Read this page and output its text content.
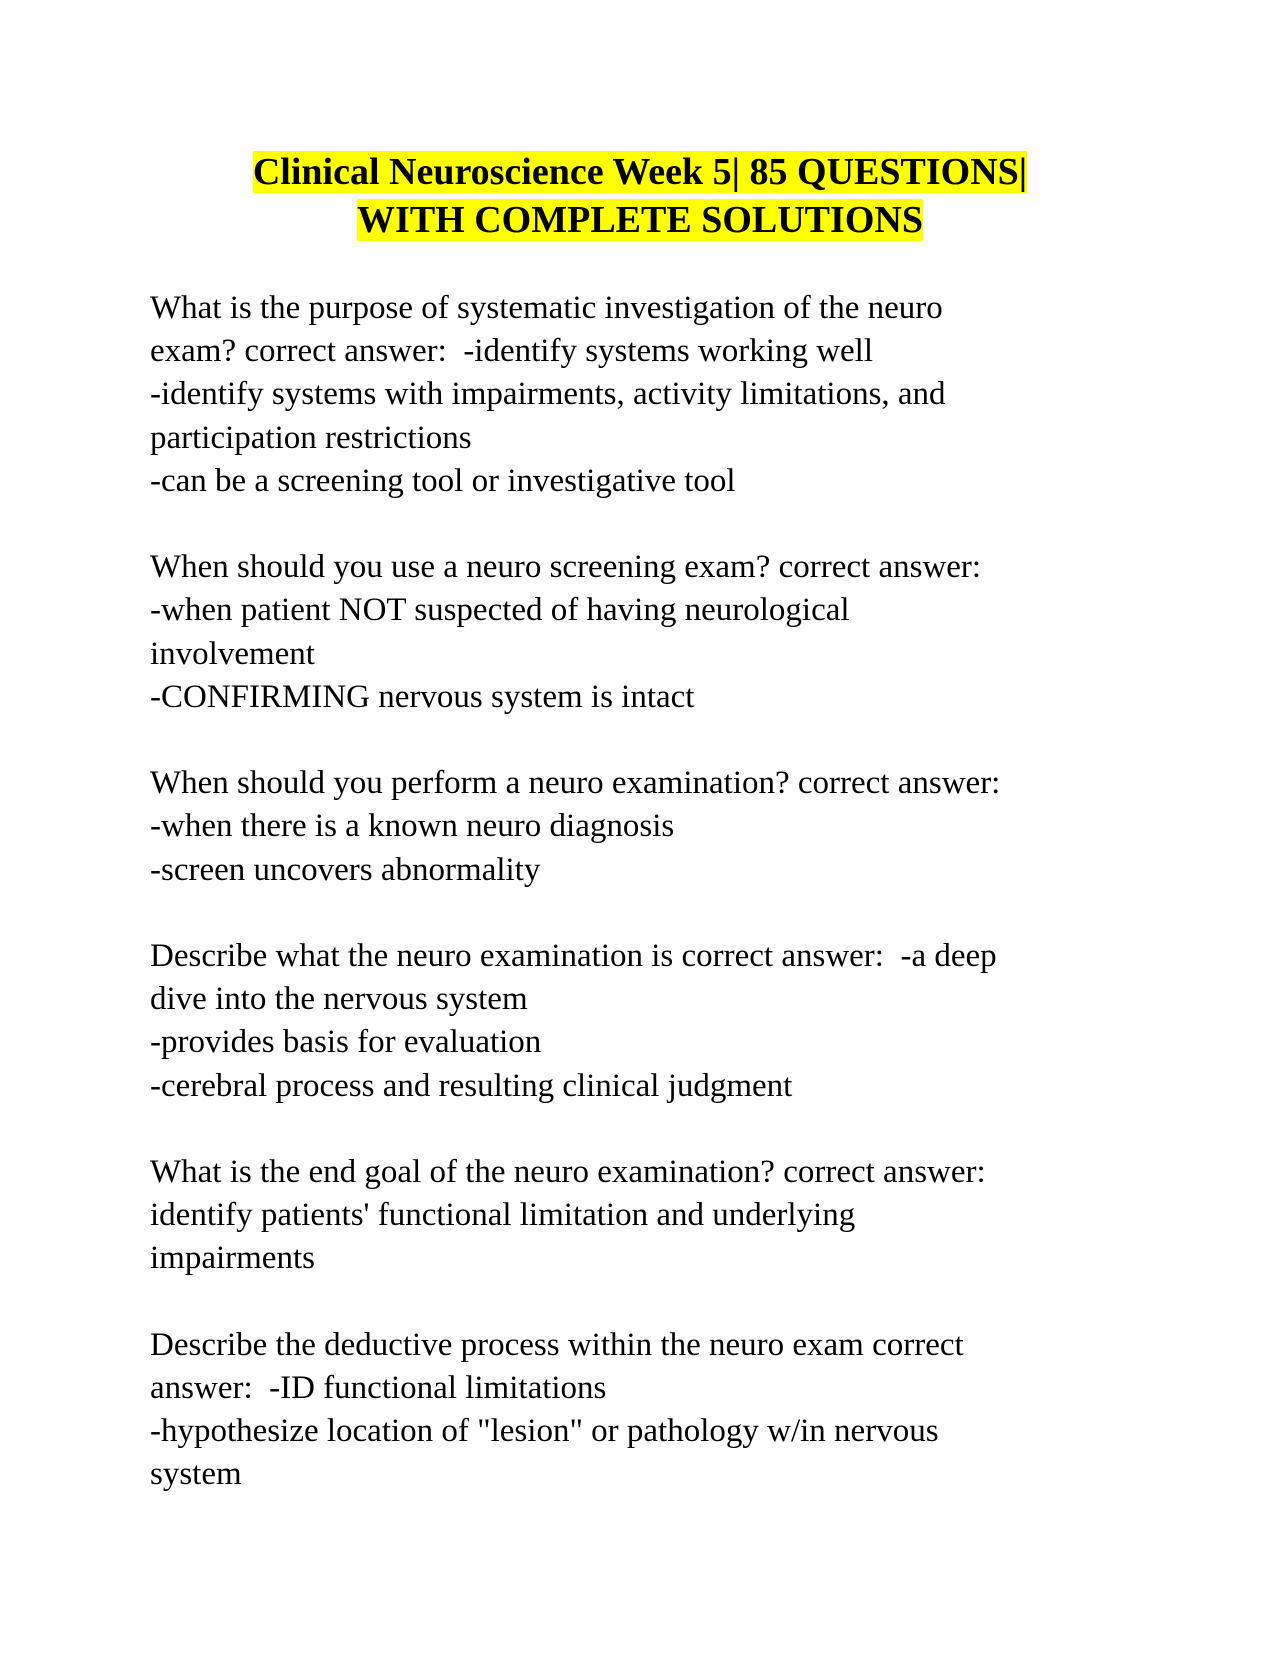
Clinical Neuroscience Week 5| 85 QUESTIONS|
WITH COMPLETE SOLUTIONS
What is the purpose of systematic investigation of the neuro
exam? correct answer:  -identify systems working well
-identify systems with impairments, activity limitations, and
participation restrictions
-can be a screening tool or investigative tool
When should you use a neuro screening exam? correct answer:
-when patient NOT suspected of having neurological
involvement
-CONFIRMING nervous system is intact
When should you perform a neuro examination? correct answer:
-when there is a known neuro diagnosis
-screen uncovers abnormality
Describe what the neuro examination is correct answer:  -a deep
dive into the nervous system
-provides basis for evaluation
-cerebral process and resulting clinical judgment
What is the end goal of the neuro examination? correct answer:
identify patients' functional limitation and underlying
impairments
Describe the deductive process within the neuro exam correct
answer:  -ID functional limitations
-hypothesize location of "lesion" or pathology w/in nervous
system
